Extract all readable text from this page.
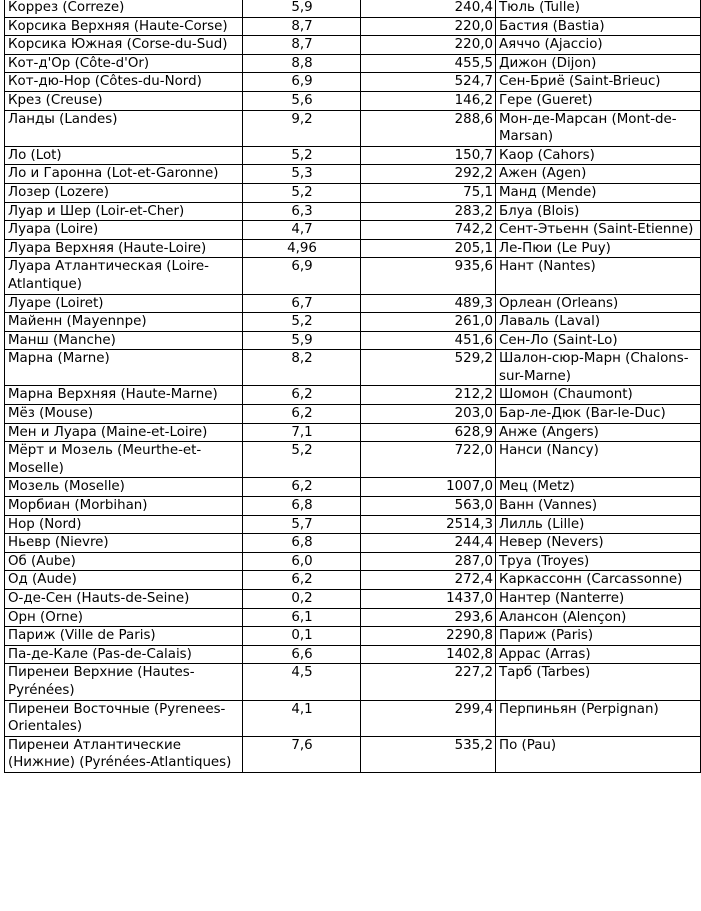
Коррез (Correze)	5,9	240,4	Тюль (Tulle)
Корсика Верхняя (Haute-Corse)	8,7	220,0	Бастия (Bastia)
Корсика Южная (Corse-du-Sud)	8,7	220,0	Аяччо (Ajaccio)
Кот-д'Ор (Côte-d'Or)	8,8	455,5	Дижон (Dijon)
Кот-дю-Нор (Côtes-du-Nord)	6,9	524,7	Сен-Бриё (Saint-Brieuc)
Крез (Creuse)	5,6	146,2	Гере (Gueret)
Ланды (Landes)	9,2	288,6	Мон-де-Марсан (Mont-de-Marsan)
Ло (Lot)	5,2	150,7	Каор (Cahors)
Ло и Гаронна (Lot-et-Garonne)	5,3	292,2	Ажен (Agen)
Лозер (Lozere)	5,2	75,1	Манд (Mende)
Луар и Шер (Loir-et-Cher)	6,3	283,2	Блуа (Blois)
Луара (Loire)	4,7	742,2	Сент-Этьенн (Saint-Etienne)
Луара Верхняя (Haute-Loire)	4,96	205,1	Ле-Пюи (Le Puy)
Луара Атлантическая (Loire-Atlantique)	6,9	935,6	Нант (Nantes)
Луаре (Loiret)	6,7	489,3	Орлеан (Orleans)
Майенн (Mayennpe)	5,2	261,0	Лаваль (Laval)
Манш (Manche)	5,9	451,6	Сен-Ло (Saint-Lo)
Марна (Marne)	8,2	529,2	Шалон-сюр-Марн (Chalons-sur-Marne)
Марна Верхняя (Haute-Marne)	6,2	212,2	Шомон (Chaumont)
Мёз (Mouse)	6,2	203,0	Бар-ле-Дюк (Bar-le-Duc)
Мен и Луара (Maine-et-Loire)	7,1	628,9	Анже (Angers)
Мёрт и Мозель (Meurthe-et-Moselle)	5,2	722,0	Нанси (Nancy)
Мозель (Moselle)	6,2	1007,0	Мец (Metz)
Морбиан (Morbihan)	6,8	563,0	Ванн (Vannes)
Нор (Nord)	5,7	2514,3	Лилль (Lille)
Ньевр (Nievre)	6,8	244,4	Невер (Nevers)
Об (Aube)	6,0	287,0	Труа (Troyes)
Од (Aude)	6,2	272,4	Каркассонн (Carcassonne)
О-де-Сен (Hauts-de-Seine)	0,2	1437,0	Нантер (Nanterre)
Орн (Orne)	6,1	293,6	Алансон (Alençon)
Париж (Ville de Paris)	0,1	2290,8	Париж (Paris)
Па-де-Кале (Pas-de-Calais)	6,6	1402,8	Аррас (Arras)
Пиренеи Верхние (Hautes-Pyrénées)	4,5	227,2	Тарб (Tarbes)
Пиренеи Восточные (Pyrenees-Orientales)	4,1	299,4	Перпиньян (Perpignan)
Пиренеи Атлантические (Нижние) (Pyrénées-Atlantiques)	7,6	535,2	По (Pau)
